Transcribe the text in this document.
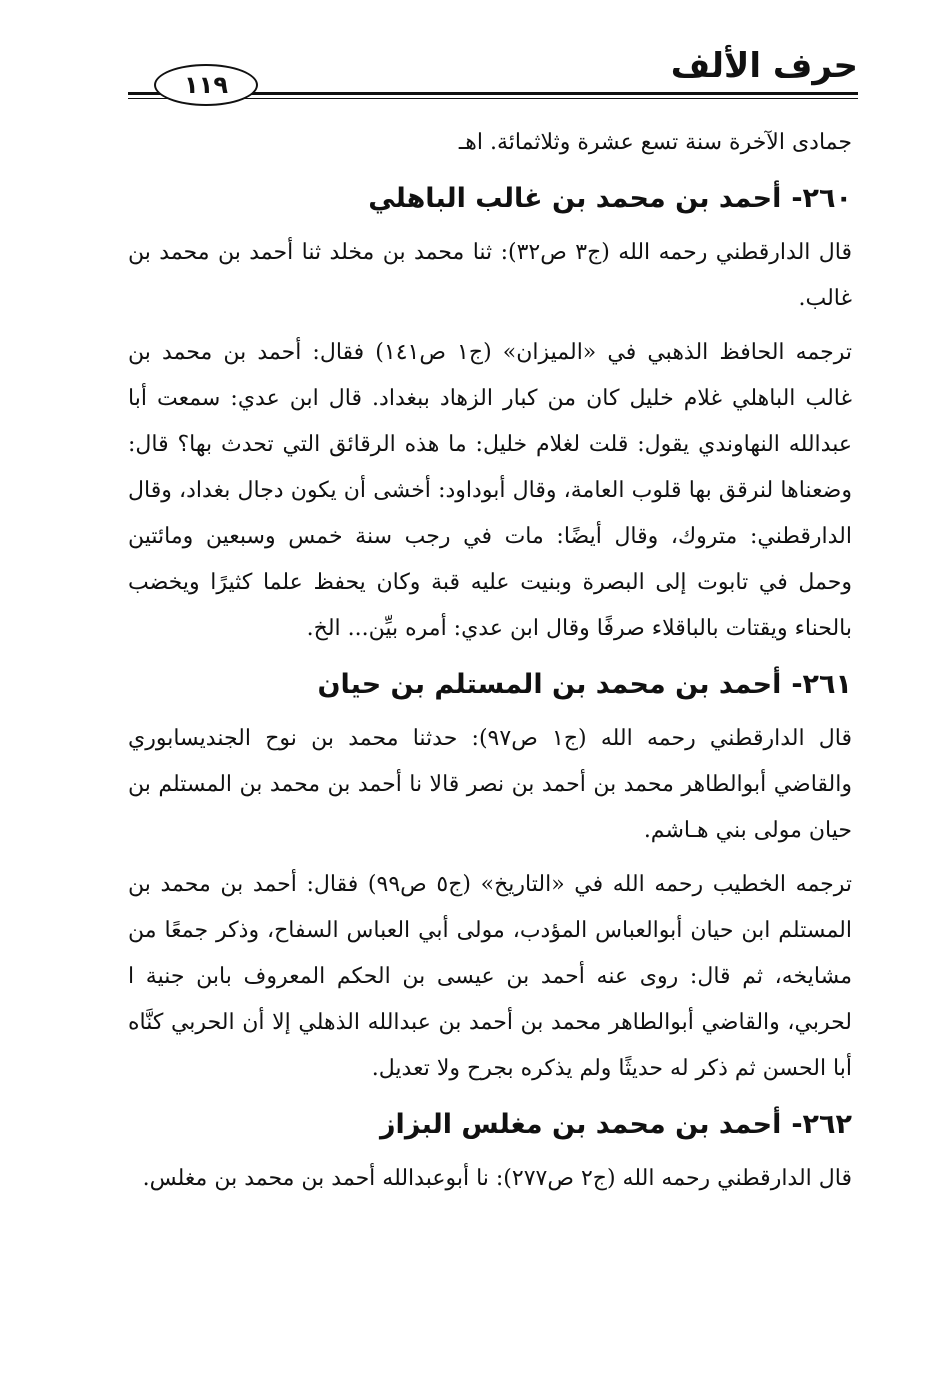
حرف الألف
١١٩

جمادى الآخرة سنة تسع عشرة وثلاثمائة. اهـ

٢٦٠-
أحمد بن محمد بن غالب الباهلي

قال الدارقطني رحمه الله (ج٣ ص٣٢): ثنا محمد بن مخلد ثنا أحمد بن محمد بن غالب.

ترجمه الحافظ الذهبي في «الميزان» (ج١ ص١٤١) فقال: أحمد بن محمد بن غالب الباهلي غلام خليل كان من كبار الزهاد ببغداد. قال ابن عدي: سمعت أبا عبدالله النهاوندي يقول: قلت لغلام خليل: ما هذه الرقائق التي تحدث بها؟ قال: وضعناها لنرقق بها قلوب العامة، وقال أبوداود: أخشى أن يكون دجال بغداد، وقال الدارقطني: متروك، وقال أيضًا: مات في رجب سنة خمس وسبعين ومائتين وحمل في تابوت إلى البصرة وبنيت عليه قبة وكان يحفظ علما كثيرًا ويخضب بالحناء ويقتات بالباقلاء صرفًا وقال ابن عدي: أمره بيِّن... الخ.

٢٦١-
أحمد بن محمد بن المستلم بن حيان

قال الدارقطني رحمه الله (ج١ ص٩٧): حدثنا محمد بن نوح الجنديسابوري والقاضي أبوالطاهر محمد بن أحمد بن نصر قالا نا أحمد بن محمد بن المستلم بن حيان مولى بني هـاشم.

ترجمه الخطيب رحمه الله في «التاريخ» (ج٥ ص٩٩) فقال: أحمد بن محمد بن المستلم ابن حيان أبوالعباس المؤدب، مولى أبي العباس السفاح، وذكر جمعًا من مشايخه، ثم قال: روى عنه أحمد بن عيسى بن الحكم المعروف بابن جنية ا لحربي، والقاضي أبوالطاهر محمد بن أحمد بن عبدالله الذهلي إلا أن الحربي كنَّاه أبا الحسن ثم ذكر له حديثًا ولم يذكره بجرح ولا تعديل.

٢٦٢-
أحمد بن محمد بن مغلس البزاز

قال الدارقطني رحمه الله (ج٢ ص٢٧٧): نا أبوعبدالله أحمد بن محمد بن مغلس.
